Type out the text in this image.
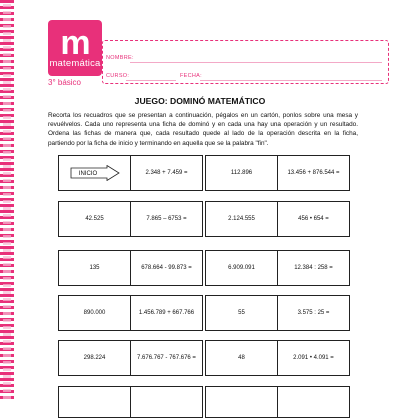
m
matemática
3° básico
NOMBRE:
CURSO:	FECHA:
JUEGO: DOMINÓ MATEMÁTICO
Recorta los recuadros que se presentan a continuación, pégalos en un cartón, ponlos sobre una mesa y revuélvelos. Cada uno representa una ficha de dominó y en cada una hay una operación y un resultado. Ordena las fichas de manera que, cada resultado quede al lado de la operación descrita en la ficha, partiendo por la ficha de inicio y terminando en aquella que se la palabra "fin".
INICIO	2.348 + 7.459 =	112.896	13.456 + 876.544 =
42.525	7.865 – 6753 =	2.124.555	456 • 654 =
135	678.664 - 99.873 =	6.909.091	12.384 : 258 =
890.000	1.456.789 + 667.766	55	3.575 : 25 =
298.224	7.676.767 - 767.676 =	48	2.091 • 4.091 =
